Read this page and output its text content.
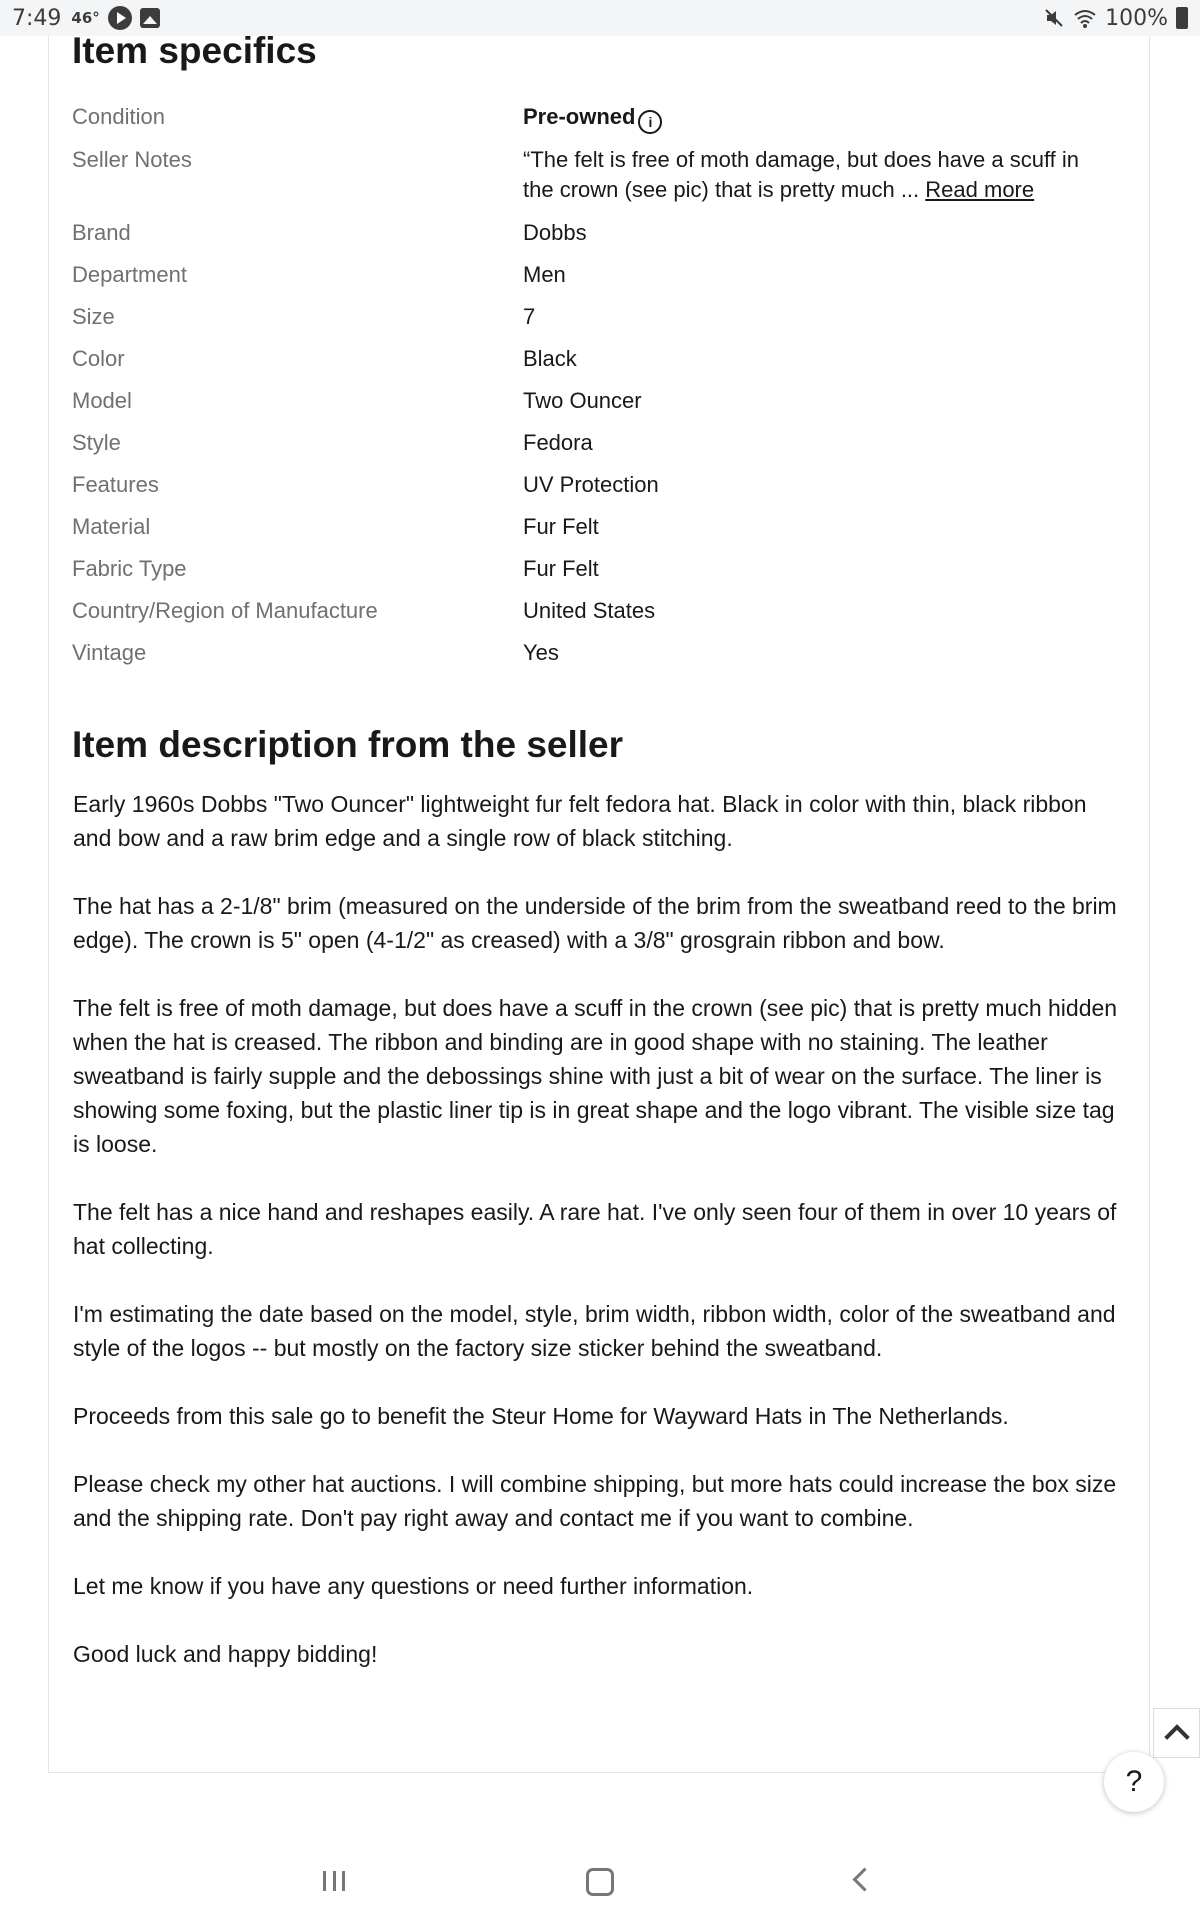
7:49 46°	100%
Item specifics
Condition	Pre-owned i
Seller Notes	“The felt is free of moth damage, but does have a scuff in the crown (see pic) that is pretty much ... Read more
Brand	Dobbs
Department	Men
Size	7
Color	Black
Model	Two Ouncer
Style	Fedora
Features	UV Protection
Material	Fur Felt
Fabric Type	Fur Felt
Country/Region of Manufacture	United States
Vintage	Yes
Item description from the seller

Early 1960s Dobbs "Two Ouncer" lightweight fur felt fedora hat. Black in color with thin, black ribbon and bow and a raw brim edge and a single row of black stitching.

The hat has a 2-1/8" brim (measured on the underside of the brim from the sweatband reed to the brim edge). The crown is 5" open (4-1/2" as creased) with a 3/8" grosgrain ribbon and bow.

The felt is free of moth damage, but does have a scuff in the crown (see pic) that is pretty much hidden when the hat is creased. The ribbon and binding are in good shape with no staining. The leather sweatband is fairly supple and the debossings shine with just a bit of wear on the surface. The liner is showing some foxing, but the plastic liner tip is in great shape and the logo vibrant. The visible size tag is loose.

The felt has a nice hand and reshapes easily. A rare hat. I've only seen four of them in over 10 years of hat collecting.

I'm estimating the date based on the model, style, brim width, ribbon width, color of the sweatband and style of the logos -- but mostly on the factory size sticker behind the sweatband.

Proceeds from this sale go to benefit the Steur Home for Wayward Hats in The Netherlands.

Please check my other hat auctions. I will combine shipping, but more hats could increase the box size and the shipping rate. Don't pay right away and contact me if you want to combine.

Let me know if you have any questions or need further information.

Good luck and happy bidding!

?
